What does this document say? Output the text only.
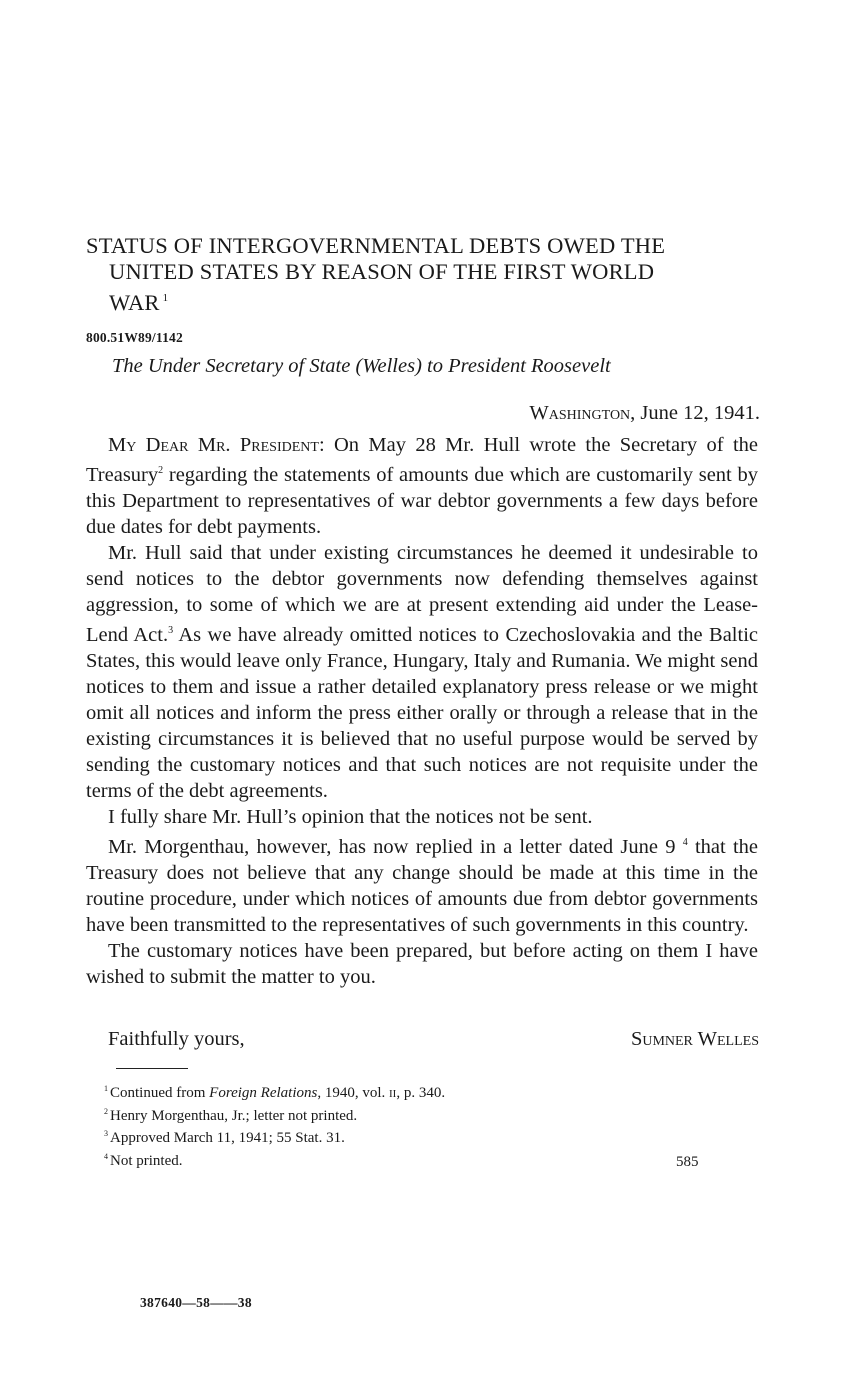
STATUS OF INTERGOVERNMENTAL DEBTS OWED THE
UNITED STATES BY REASON OF THE FIRST WORLD
WAR $^1$
800.51W89/1142
The Under Secretary of State (Welles) to President Roosevelt
Washington, June 12, 1941.

My Dear Mr. President: On May 28 Mr. Hull wrote the Secretary of the Treasury$^2$ regarding the statements of amounts due which are customarily sent by this Department to representatives of war debtor governments a few days before due dates for debt payments.

Mr. Hull said that under existing circumstances he deemed it undesirable to send notices to the debtor governments now defending themselves against aggression, to some of which we are at present extending aid under the Lease-Lend Act.$^3$ As we have already omitted notices to Czechoslovakia and the Baltic States, this would leave only France, Hungary, Italy and Rumania. We might send notices to them and issue a rather detailed explanatory press release or we might omit all notices and inform the press either orally or through a release that in the existing circumstances it is believed that no useful purpose would be served by sending the customary notices and that such notices are not requisite under the terms of the debt agreements.

I fully share Mr. Hull’s opinion that the notices not be sent.

Mr. Morgenthau, however, has now replied in a letter dated June 9 $^4$ that the Treasury does not believe that any change should be made at this time in the routine procedure, under which notices of amounts due from debtor governments have been transmitted to the representatives of such governments in this country.

The customary notices have been prepared, but before acting on them I have wished to submit the matter to you.

Faithfully yours,	Sumner Welles
$^1$ Continued from Foreign Relations, 1940, vol. ii, p. 340.
$^2$ Henry Morgenthau, Jr.; letter not printed.
$^3$ Approved March 11, 1941; 55 Stat. 31.
$^4$ Not printed.	585
387640—58——38
